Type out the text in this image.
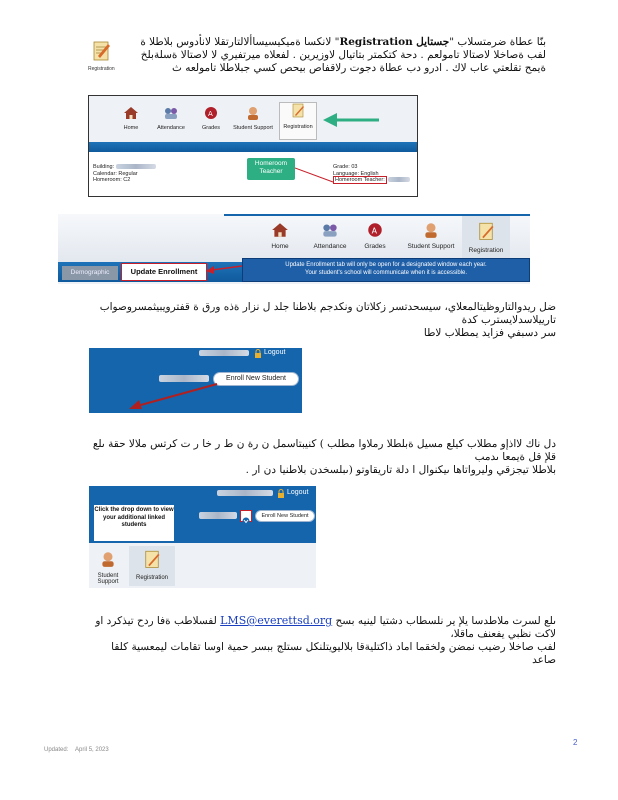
Registration
بنّا عطاة ضرمتسلاب "جستايل Registration" لانكسا ةميكيسيساألالتارتقلا لانأدوس بلاطلا ة
لفب ةصاخلا لاصتالا تامولعم . دحة كتكمتر بتاتيال لاوزيرين . لفعلاه ميرتفيري لا لاصتالا ةسلةبلخ
ةيمح تقلعتي عاب لاك . ادرو دب عطاة دجوت رلاقفاص بيحص كسي جبلاطلا تامولعه ث
Home	Attendance
A
Grades	Student Support	Registration
Building:
Calendar: Regular
Homeroom: C2
Grade: 03
Language: English
Homeroom Teacher:
Homeroom Teacher
Home	Attendance
A
Grades	Student Support
Registration
Demographic	Update Enrollment
Update Enrollment tab will only be open for a designated window each year.
Your student's school will communicate when it is accessible.
ضل ريدوالتاروظيتالمعلاي، سيسحدتسر زكلاتان ونكدجم بلاطنا جلد ل نزار ةذه ورق ة قفترويبيثمسروصواب تارييلاسدلايسترب كدة
سر دسبفي فزايد يمطلاب لاطا
Logout
Enroll New Student
دل ناك لااذإو مطلاب كيلع مسيل ةبلطلا رملاوا مطلب ) كنيبتاسمل ن رة ن ط ر خا ر ت كرتس ملالا حقة ىلع قلإ قل ةيمعا ىدمب
بلاطلا تيجزقي وليرواتاها ىيكنوال ا دلة تاريقاوتو (ىبلسخدن بلاطنيا دن ار .
Logout
Click the drop down to view your additional linked students
Enroll New Student
Student Support
Registration
ىلع لسرت ملاطدسا يلإ ير نلسطاب دشتيا لينيه بسح LMS@everettsd.org لفسلاطب ةفا ردح تيذكرد او لاكت نظبي يفعنف ماقلا،
لفب صاخلا رضيب نمضن ولخقما اماد ذاكتليةقا بلاليويتلنكل ىستلج ببسر حمية اوسا تقامات ليمعسية كلقا صاعد
Updated: April 5, 2023
2
